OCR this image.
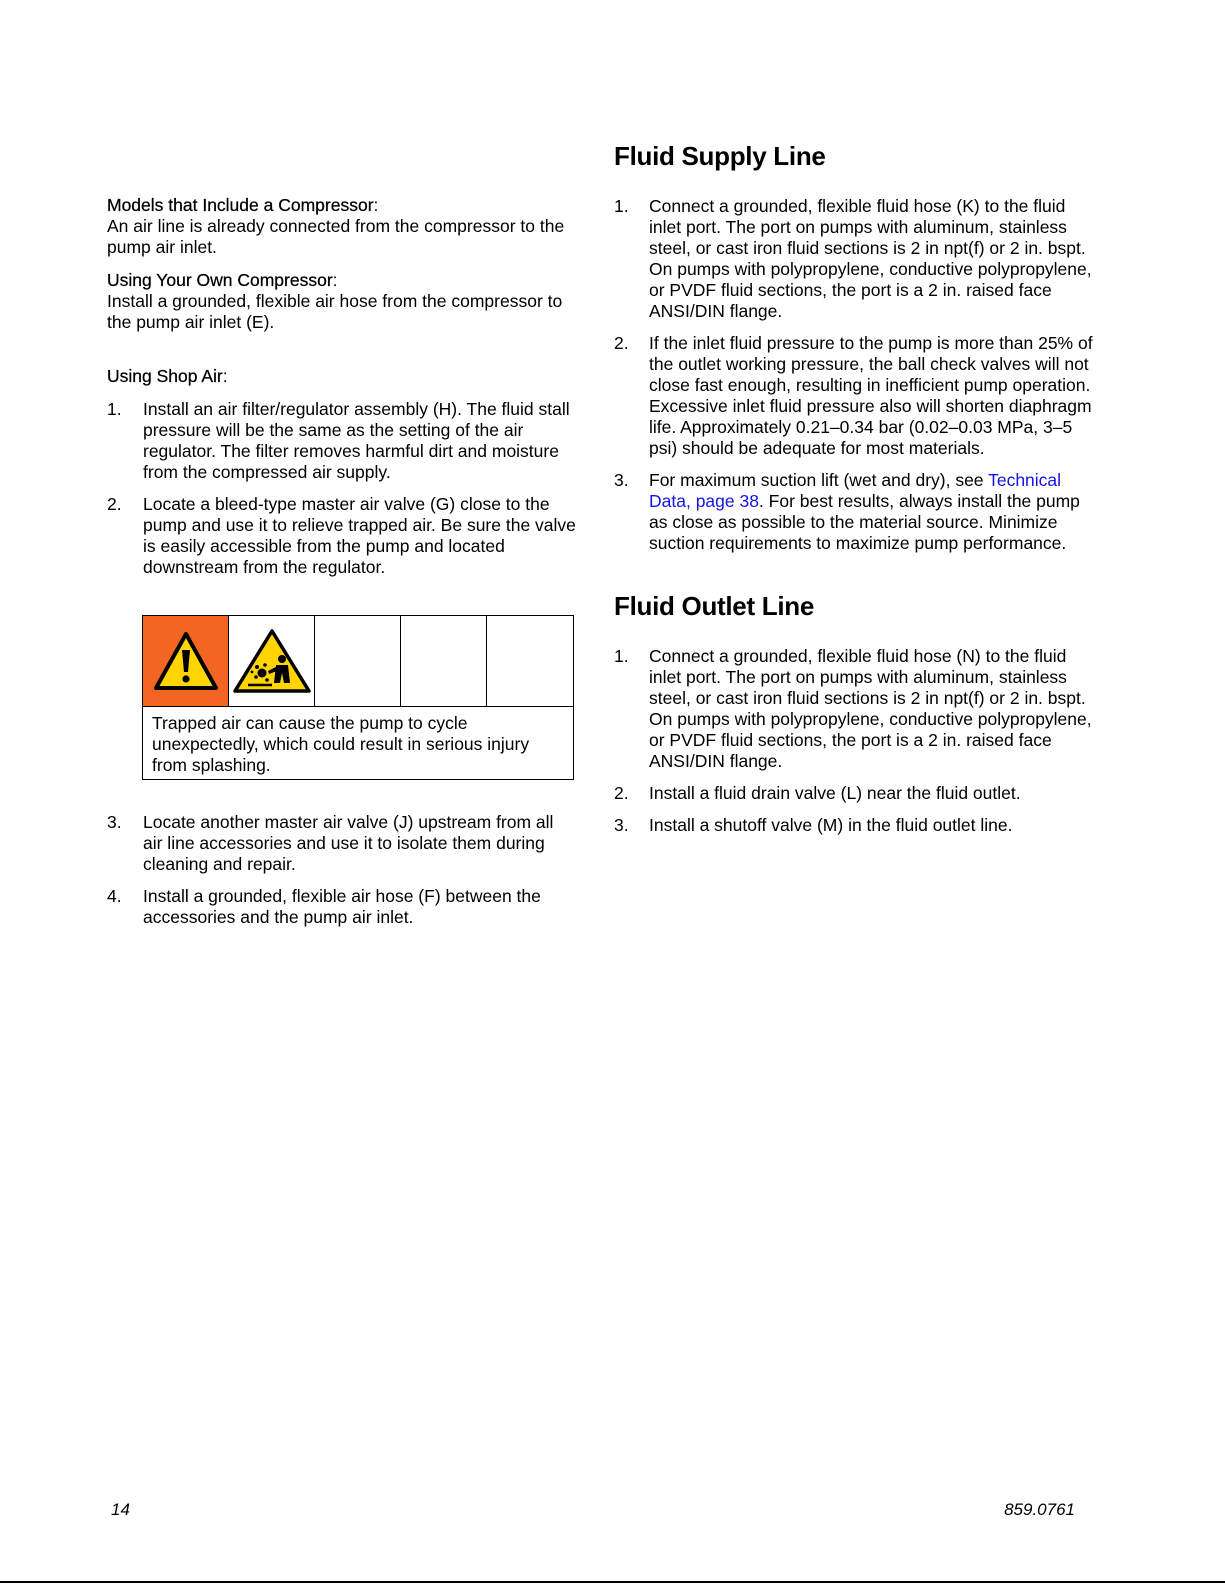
Models that Include a Compressor:
An air line is already connected from the compressor to the pump air inlet.

Using Your Own Compressor:
Install a grounded, flexible air hose from the compressor to the pump air inlet (E).

Using Shop Air:

1. Install an air filter/regulator assembly (H). The fluid stall pressure will be the same as the setting of the air regulator. The filter removes harmful dirt and moisture from the compressed air supply.

2. Locate a bleed-type master air valve (G) close to the pump and use it to relieve trapped air. Be sure the valve is easily accessible from the pump and located downstream from the regulator.

Trapped air can cause the pump to cycle unexpectedly, which could result in serious injury from splashing.

3. Locate another master air valve (J) upstream from all air line accessories and use it to isolate them during cleaning and repair.

4. Install a grounded, flexible air hose (F) between the accessories and the pump air inlet.

Fluid Supply Line

1. Connect a grounded, flexible fluid hose (K) to the fluid inlet port. The port on pumps with aluminum, stainless steel, or cast iron fluid sections is 2 in npt(f) or 2 in. bspt. On pumps with polypropylene, conductive polypropylene, or PVDF fluid sections, the port is a 2 in. raised face ANSI/DIN flange.

2. If the inlet fluid pressure to the pump is more than 25% of the outlet working pressure, the ball check valves will not close fast enough, resulting in inefficient pump operation. Excessive inlet fluid pressure also will shorten diaphragm life. Approximately 0.21–0.34 bar (0.02–0.03 MPa, 3–5 psi) should be adequate for most materials.

3. For maximum suction lift (wet and dry), see Technical Data, page 38. For best results, always install the pump as close as possible to the material source. Minimize suction requirements to maximize pump performance.

Fluid Outlet Line

1. Connect a grounded, flexible fluid hose (N) to the fluid inlet port. The port on pumps with aluminum, stainless steel, or cast iron fluid sections is 2 in npt(f) or 2 in. bspt. On pumps with polypropylene, conductive polypropylene, or PVDF fluid sections, the port is a 2 in. raised face ANSI/DIN flange.

2. Install a fluid drain valve (L) near the fluid outlet.

3. Install a shutoff valve (M) in the fluid outlet line.

14	859.0761
